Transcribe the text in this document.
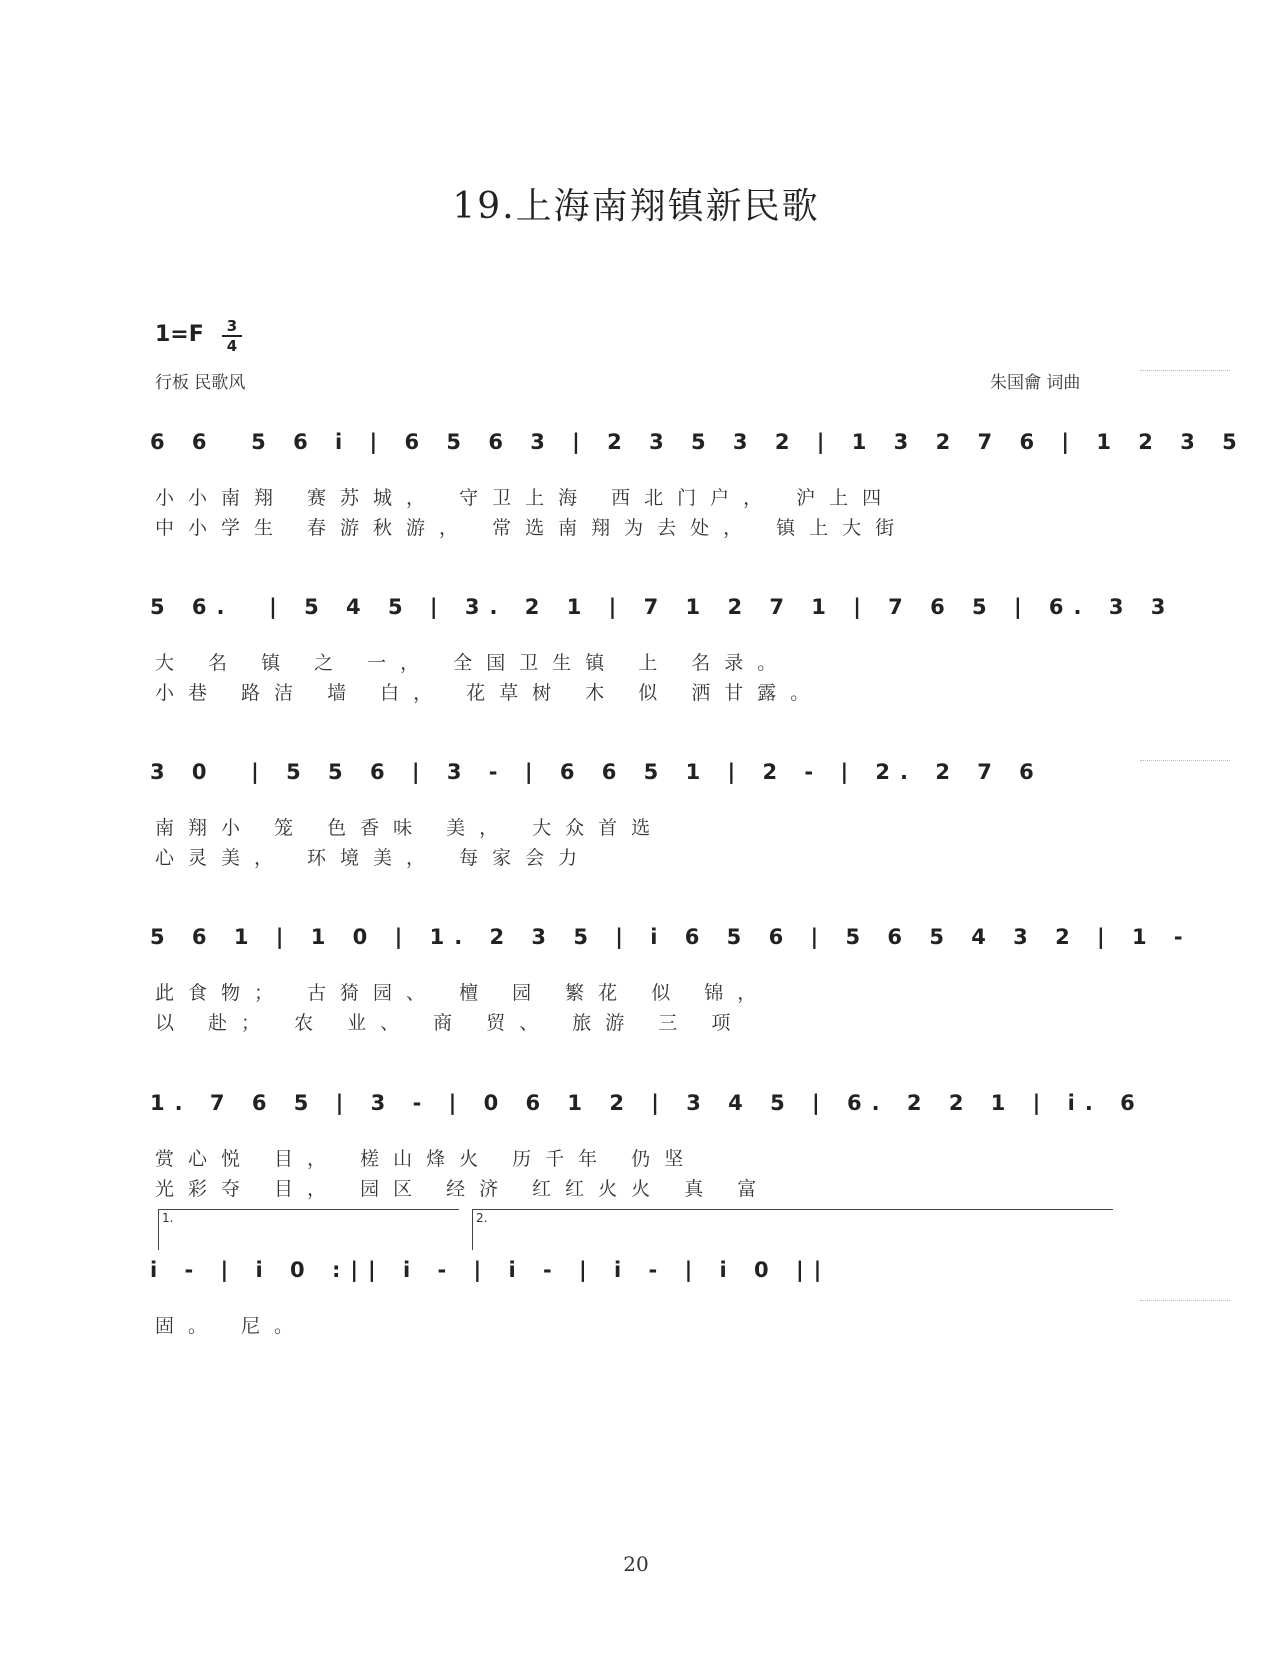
19.上海南翔镇新民歌
1=F	3
4
行板 民歌风	朱国龠 词曲
6 6  5 6 i | 6 5 6 3 | 2 3 5 3 2 | 1 3 2 7 6 | 1 2 3 5
小小南翔 赛苏城， 守卫上海 西北门户， 沪上四
中小学生 春游秋游， 常选南翔为去处， 镇上大街
5 6.  | 5 4 5 | 3. 2 1 | 7 1 2 7 1 | 7 6 5 | 6. 3 3
大 名 镇 之 一， 全国卫生镇 上 名录。
小巷 路洁 墙 白， 花草树 木 似 洒甘露。
3 0  | 5 5 6 | 3 - | 6 6 5 1 | 2 - | 2. 2 7 6
南翔小 笼 色香味 美， 大众首选
心灵美， 环境美， 每家会力
5 6 1 | 1 0 | 1. 2 3 5 | i 6 5 6 | 5 6 5 4 3 2 | 1 -
此食物； 古猗园、 檀 园 繁花 似 锦，
以 赴； 农 业、 商 贸、 旅游 三 项
1. 7 6 5 | 3 - | 0 6 1 2 | 3 4 5 | 6. 2 2 1 | i. 6
赏心悦 目， 槎山烽火 历千年 仍坚
光彩夺 目， 园区 经济 红红火火 真 富
1.	2.
i - | i 0 :|| i - | i - | i - | i 0 ||
固。 尼。
20
